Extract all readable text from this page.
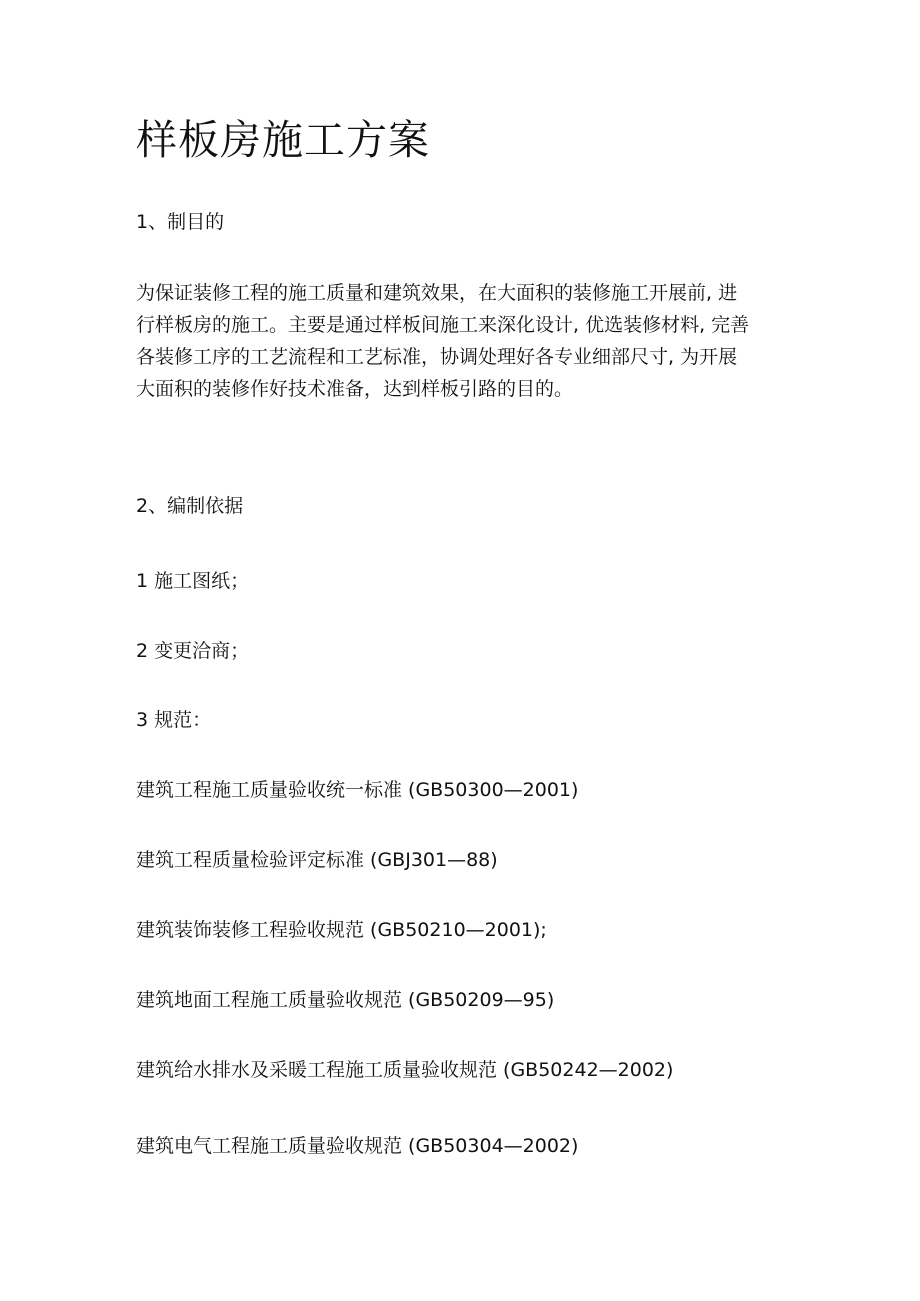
样板房施工方案

1、制目的

为保证装修工程的施工质量和建筑效果，在大面积的装修施工开展前, 进
行样板房的施工。主要是通过样板间施工来深化设计, 优选装修材料, 完善
各装修工序的工艺流程和工艺标准，协调处理好各专业细部尺寸, 为开展
大面积的装修作好技术准备，达到样板引路的目的。

2、编制依据

1 施工图纸；

2 变更洽商；

3 规范：

建筑工程施工质量验收统一标准 (GB50300—2001)

建筑工程质量检验评定标准 (GBJ301—88)

建筑装饰装修工程验收规范 (GB50210—2001);

建筑地面工程施工质量验收规范 (GB50209—95)

建筑给水排水及采暖工程施工质量验收规范 (GB50242—2002)

建筑电气工程施工质量验收规范 (GB50304—2002)
